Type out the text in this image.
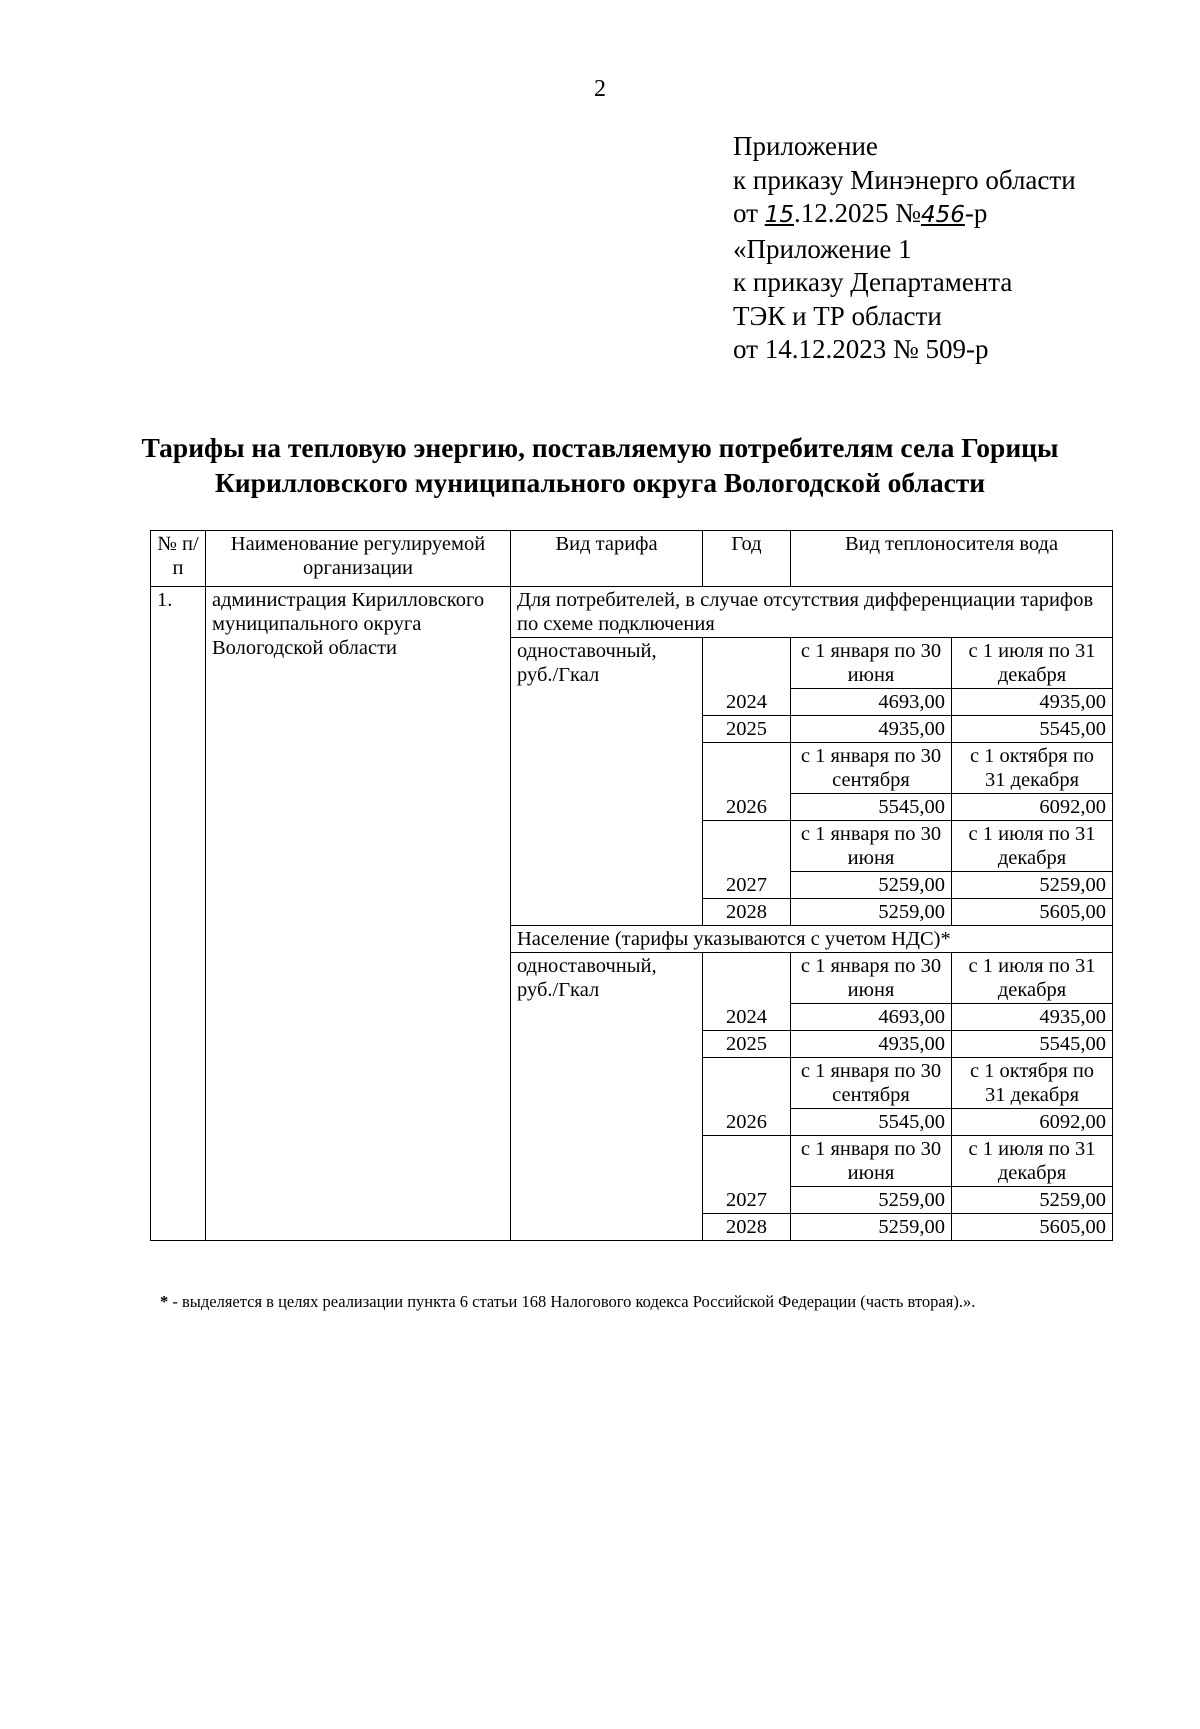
2
Приложение
к приказу Минэнерго области
от 15.12.2025 №456-р
«Приложение 1
к приказу Департамента
ТЭК и ТР области
от 14.12.2023 № 509-р
Тарифы на тепловую энергию, поставляемую потребителям села Горицы
Кирилловского муниципального округа Вологодской области
№ п/п	Наименование регулируемой организации	Вид тарифа	Год	Вид теплоносителя вода	
1.	администрация Кирилловского муниципального округа Вологодской области	Для потребителей, в случае отсутствия дифференциации тарифов по схеме подключения			
		одноставочный, руб./Гкал		с 1 января по 30 июня	с 1 июля по 31 декабря
			2024	4693,00	4935,00
			2025	4935,00	5545,00
				с 1 января по 30 сентября	с 1 октября по 31 декабря
			2026	5545,00	6092,00
				с 1 января по 30 июня	с 1 июля по 31 декабря
			2027	5259,00	5259,00
			2028	5259,00	5605,00
		Население (тарифы указываются с учетом НДС)*			
		одноставочный, руб./Гкал		с 1 января по 30 июня	с 1 июля по 31 декабря
			2024	4693,00	4935,00
			2025	4935,00	5545,00
				с 1 января по 30 сентября	с 1 октября по 31 декабря
			2026	5545,00	6092,00
				с 1 января по 30 июня	с 1 июля по 31 декабря
			2027	5259,00	5259,00
			2028	5259,00	5605,00
* - выделяется в целях реализации пункта 6 статьи 168 Налогового кодекса Российской Федерации (часть вторая).».
